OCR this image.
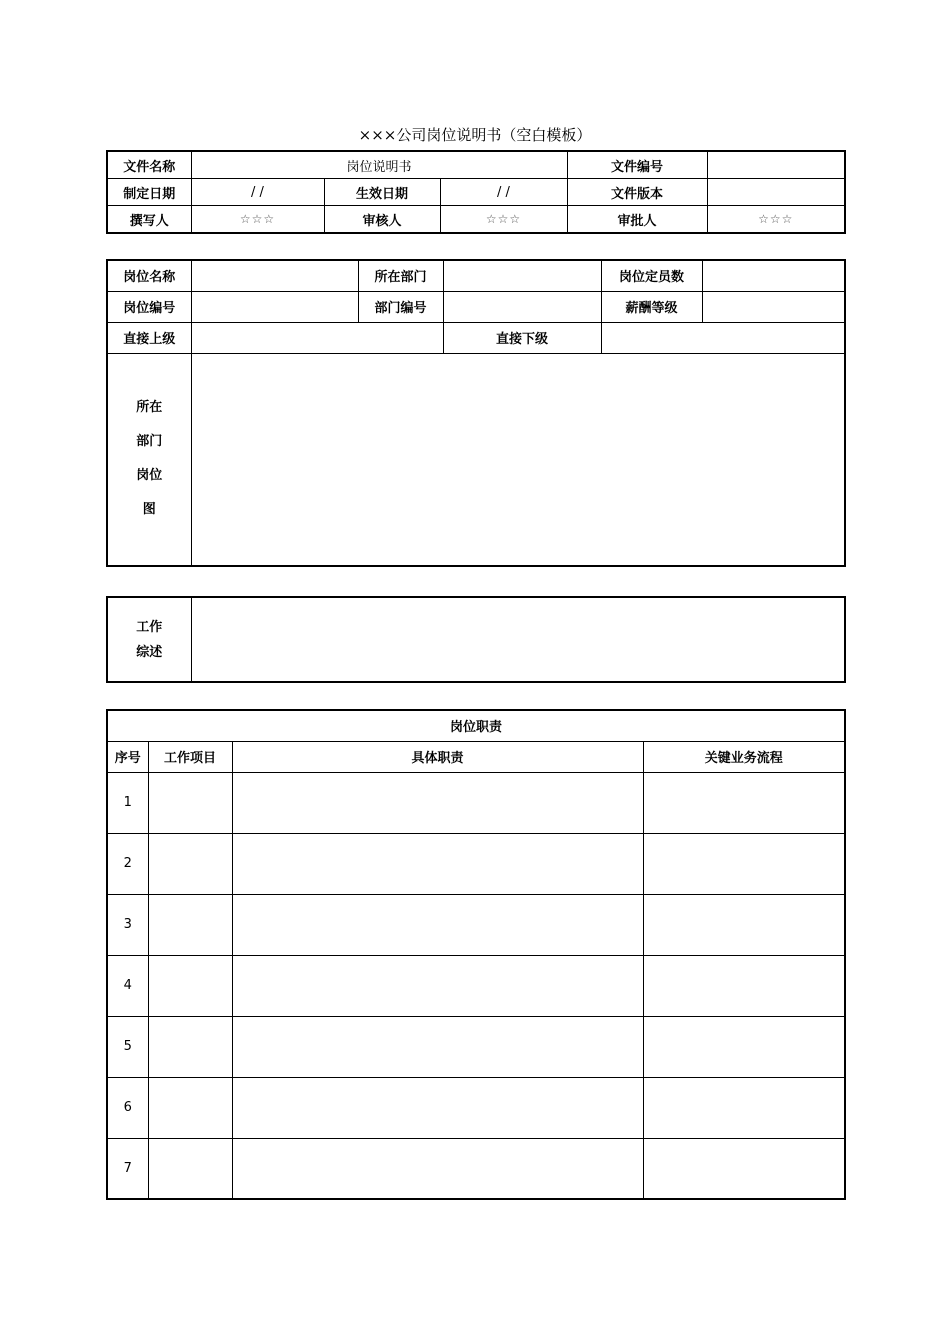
×××公司岗位说明书（空白模板）
文件名称	岗位说明书			文件编号	
制定日期	/ /	生效日期	/ /	文件版本	
撰写人	☆☆☆	审核人	☆☆☆	审批人	☆☆☆
岗位名称		所在部门		岗位定员数	
岗位编号		部门编号		薪酬等级	
直接上级			直接下级		
所在
部门
岗位
图					
工作
综述	
岗位职责			
序号	工作项目	具体职责	关键业务流程
1			
2			
3			
4			
5			
6			
7			
